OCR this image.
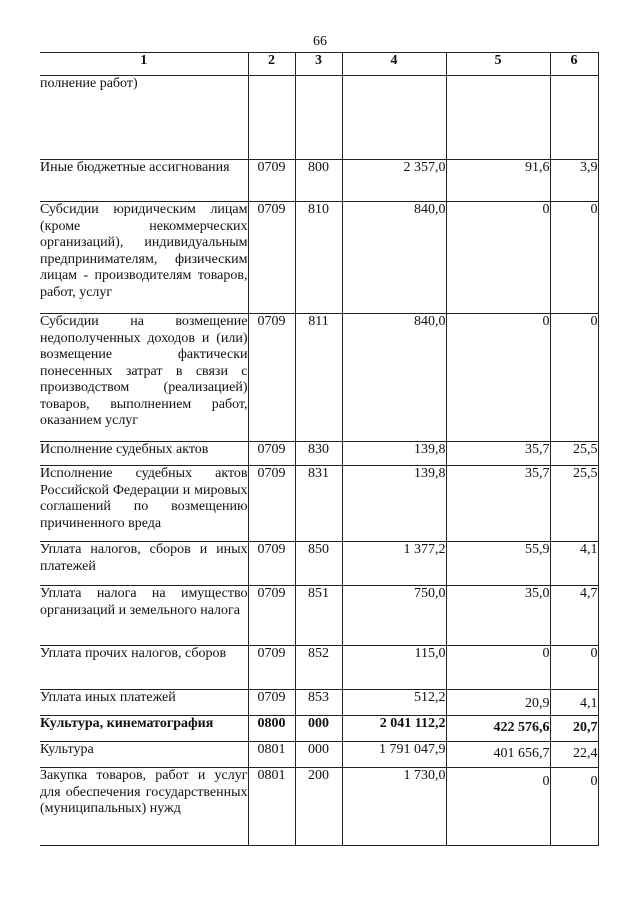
66
1	2	3	4	5	6
полнение работ)					
Иные бюджетные ассигнования	0709	800	2 357,0	91,6	3,9
Субсидии юридическим лицам (кроме некоммерческих организаций), индивидуальным предпринимателям, физическим лицам - производителям товаров, работ, услуг	0709	810	840,0	0	0
Субсидии на возмещение недополученных доходов и (или) возмещение фактически понесенных затрат в связи с производством (реализацией) товаров, выполнением работ, оказанием услуг	0709	811	840,0	0	0
Исполнение судебных актов	0709	830	139,8	35,7	25,5
Исполнение судебных актов Российской Федерации и мировых соглашений по возмещению причиненного вреда	0709	831	139,8	35,7	25,5
Уплата налогов, сборов и иных платежей	0709	850	1 377,2	55,9	4,1
Уплата налога на имущество организаций и земельного налога	0709	851	750,0	35,0	4,7
Уплата прочих налогов, сборов	0709	852	115,0	0	0
Уплата иных платежей	0709	853	512,2	20,9	4,1
Культура, кинематография	0800	000	2 041 112,2	422 576,6	20,7
Культура	0801	000	1 791 047,9	401 656,7	22,4
Закупка товаров, работ и услуг для обеспечения государственных (муниципальных) нужд	0801	200	1 730,0	0	0
